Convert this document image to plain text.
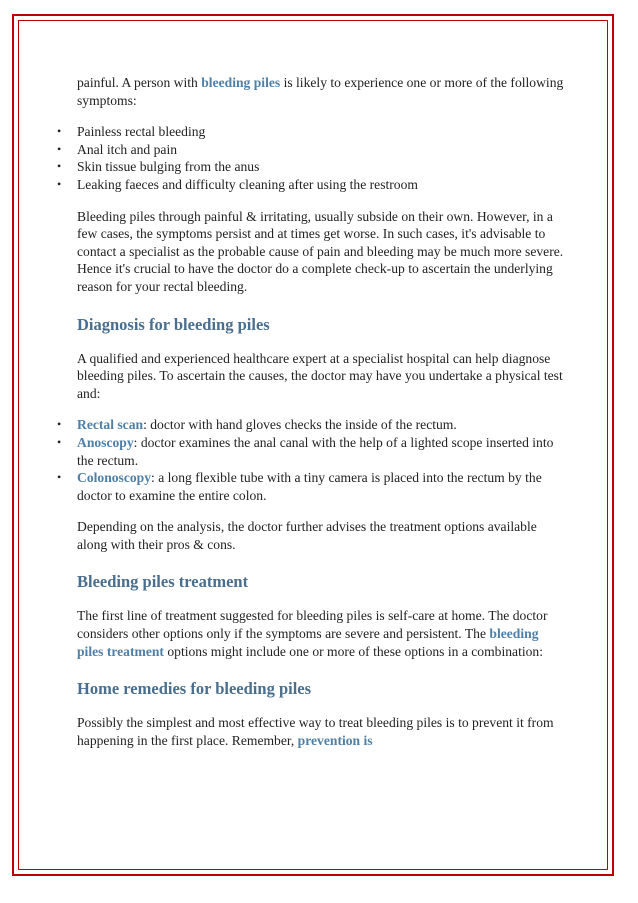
painful. A person with bleeding piles is likely to experience one or more of the following symptoms:

• Painless rectal bleeding
• Anal itch and pain
• Skin tissue bulging from the anus
• Leaking faeces and difficulty cleaning after using the restroom

Bleeding piles through painful & irritating, usually subside on their own. However, in a few cases, the symptoms persist and at times get worse. In such cases, it's advisable to contact a specialist as the probable cause of pain and bleeding may be much more severe. Hence it's crucial to have the doctor do a complete check-up to ascertain the underlying reason for your rectal bleeding.

Diagnosis for bleeding piles

A qualified and experienced healthcare expert at a specialist hospital can help diagnose bleeding piles. To ascertain the causes, the doctor may have you undertake a physical test and:

• Rectal scan: doctor with hand gloves checks the inside of the rectum.
• Anoscopy: doctor examines the anal canal with the help of a lighted scope inserted into the rectum.
• Colonoscopy: a long flexible tube with a tiny camera is placed into the rectum by the doctor to examine the entire colon.

Depending on the analysis, the doctor further advises the treatment options available along with their pros & cons.

Bleeding piles treatment

The first line of treatment suggested for bleeding piles is self-care at home. The doctor considers other options only if the symptoms are severe and persistent. The bleeding piles treatment options might include one or more of these options in a combination:

Home remedies for bleeding piles

Possibly the simplest and most effective way to treat bleeding piles is to prevent it from happening in the first place. Remember, prevention is
